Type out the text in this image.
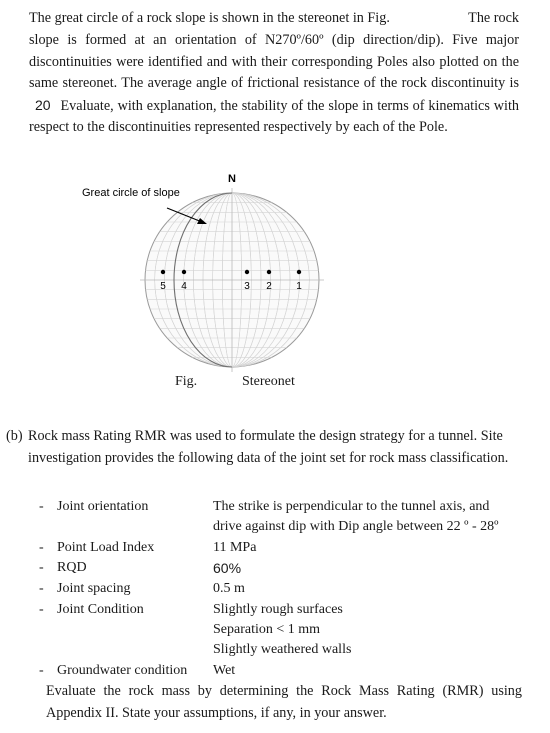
The great circle of a rock slope is shown in the stereonet in Fig.	The rock

slope is formed at an orientation of N270º/60º (dip direction/dip). Five major discontinuities were identified and with their corresponding Poles also plotted on the same stereonet. The average angle of frictional resistance of the rock discontinuity is 20 Evaluate, with explanation, the stability of the slope in terms of kinematics with respect to the discontinuities represented respectively by each of the Pole.

N
Great circle of slope
5 4	3 2 1
Fig.	Stereonet
(b) Rock mass Rating RMR was used to formulate the design strategy for a tunnel. Site investigation provides the following data of the joint set for rock mass classification.
- Joint orientation	The strike is perpendicular to the tunnel axis, and
drive against dip with Dip angle between 22 º - 28º
- Point Load Index	11 MPa
- RQD	60%
- Joint spacing	0.5 m
- Joint Condition	Slightly rough surfaces
Separation < 1 mm
Slightly weathered walls
- Groundwater condition Wet

Evaluate the rock mass by determining the Rock Mass Rating (RMR) using Appendix II. State your assumptions, if any, in your answer.
